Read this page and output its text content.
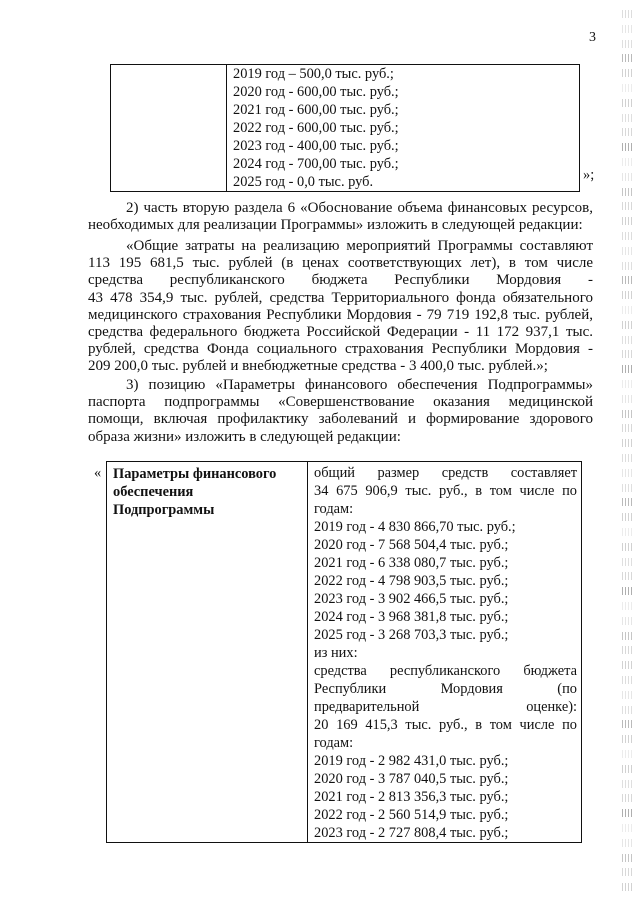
3

2019 год – 500,0 тыс. руб.;
2020 год - 600,00 тыс. руб.;
2021 год - 600,00 тыс. руб.;
2022 год - 600,00 тыс. руб.;
2023 год - 400,00 тыс. руб.;
2024 год - 700,00 тыс. руб.;
2025 год - 0,0 тыс. руб.	»;
2) часть вторую раздела 6 «Обоснование объема финансовых ресурсов,
необходимых для реализации Программы» изложить в следующей редакции:
«Общие затраты на реализацию мероприятий Программы составляют
113 195 681,5 тыс. рублей (в ценах соответствующих лет), в том числе
средства республиканского бюджета Республики Мордовия -
43 478 354,9 тыс. рублей, средства Территориального фонда обязательного
медицинского страхования Республики Мордовия - 79 719 192,8 тыс. рублей,
средства федерального бюджета Российской Федерации - 11 172 937,1 тыс.
рублей, средства Фонда социального страхования Республики Мордовия -
209 200,0 тыс. рублей и внебюджетные средства - 3 400,0 тыс. рублей.»;
3) позицию «Параметры финансового обеспечения Подпрограммы»
паспорта подпрограммы «Совершенствование оказания медицинской
помощи, включая профилактику заболеваний и формирование здорового
образа жизни» изложить в следующей редакции:
« Параметры финансового
обеспечения
Подпрограммы

общий размер средств составляет
34 675 906,9 тыс. руб., в том числе по
годам:
2019 год - 4 830 866,70 тыс. руб.;
2020 год - 7 568 504,4 тыс. руб.;
2021 год - 6 338 080,7 тыс. руб.;
2022 год - 4 798 903,5 тыс. руб.;
2023 год - 3 902 466,5 тыс. руб.;
2024 год - 3 968 381,8 тыс. руб.;
2025 год - 3 268 703,3 тыс. руб.;
из них:
средства республиканского бюджета
Республики Мордовия (по
предварительной оценке):
20 169 415,3 тыс. руб., в том числе по
годам:
2019 год - 2 982 431,0 тыс. руб.;
2020 год - 3 787 040,5 тыс. руб.;
2021 год - 2 813 356,3 тыс. руб.;
2022 год - 2 560 514,9 тыс. руб.;
2023 год - 2 727 808,4 тыс. руб.;
